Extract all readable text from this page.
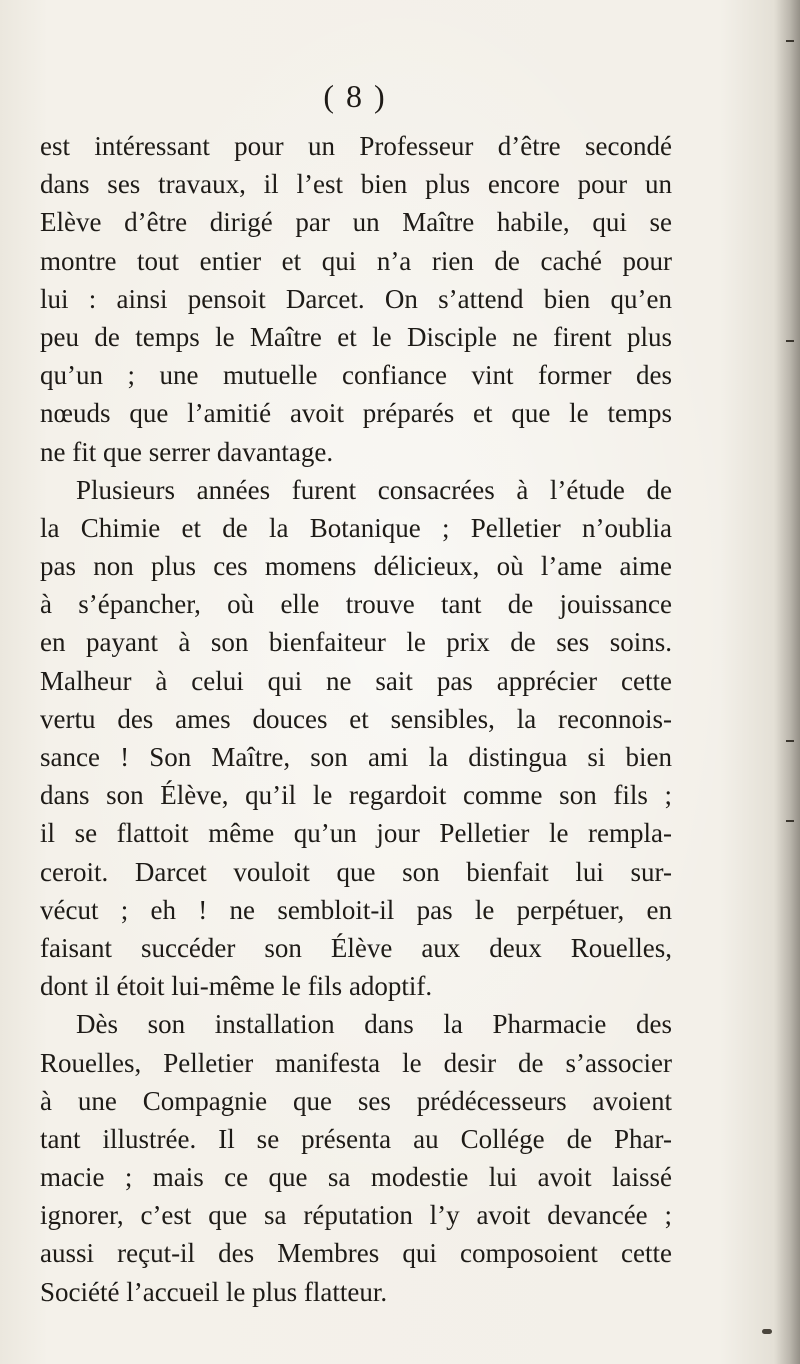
( 8 )
est intéressant pour un Professeur d’être secondé
dans ses travaux, il l’est bien plus encore pour un
Elève d’être dirigé par un Maître habile, qui se
montre tout entier et qui n’a rien de caché pour
lui : ainsi pensoit Darcet. On s’attend bien qu’en
peu de temps le Maître et le Disciple ne firent plus
qu’un ; une mutuelle confiance vint former des
nœuds que l’amitié avoit préparés et que le temps
ne fit que serrer davantage.
Plusieurs années furent consacrées à l’étude de
la Chimie et de la Botanique ; Pelletier n’oublia
pas non plus ces momens délicieux, où l’ame aime
à s’épancher, où elle trouve tant de jouissance
en payant à son bienfaiteur le prix de ses soins.
Malheur à celui qui ne sait pas apprécier cette
vertu des ames douces et sensibles, la reconnois-
sance ! Son Maître, son ami la distingua si bien
dans son Élève, qu’il le regardoit comme son fils ;
il se flattoit même qu’un jour Pelletier le rempla-
ceroit. Darcet vouloit que son bienfait lui sur-
vécut ; eh ! ne sembloit-il pas le perpétuer, en
faisant succéder son Élève aux deux Rouelles,
dont il étoit lui-même le fils adoptif.
Dès son installation dans la Pharmacie des
Rouelles, Pelletier manifesta le desir de s’associer
à une Compagnie que ses prédécesseurs avoient
tant illustrée. Il se présenta au Collége de Phar-
macie ; mais ce que sa modestie lui avoit laissé
ignorer, c’est que sa réputation l’y avoit devancée ;
aussi reçut-il des Membres qui composoient cette
Société l’accueil le plus flatteur.
